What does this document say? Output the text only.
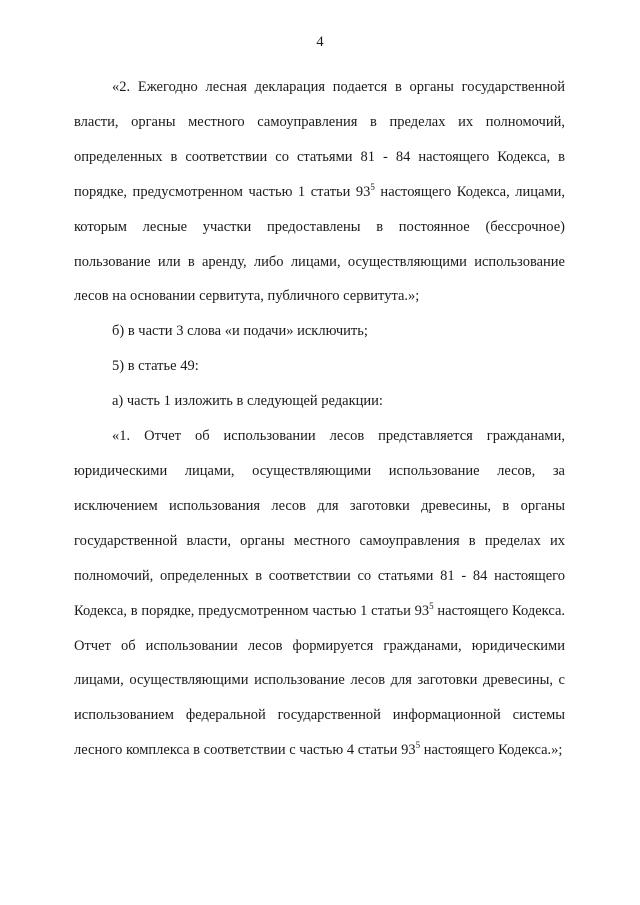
4

«2. Ежегодно лесная декларация подается в органы государственной власти, органы местного самоуправления в пределах их полномочий, определенных в соответствии со статьями 81 - 84 настоящего Кодекса, в порядке, предусмотренном частью 1 статьи $93^5$ настоящего Кодекса, лицами, которым лесные участки предоставлены в постоянное (бессрочное) пользование или в аренду, либо лицами, осуществляющими использование лесов на основании сервитута, публичного сервитута.»;

б) в части 3 слова «и подачи» исключить;

5) в статье 49:

а) часть 1 изложить в следующей редакции:

«1. Отчет об использовании лесов представляется гражданами, юридическими лицами, осуществляющими использование лесов, за исключением использования лесов для заготовки древесины, в органы государственной власти, органы местного самоуправления в пределах их полномочий, определенных в соответствии со статьями 81 - 84 настоящего Кодекса, в порядке, предусмотренном частью 1 статьи $93^5$ настоящего Кодекса. Отчет об использовании лесов формируется гражданами, юридическими лицами, осуществляющими использование лесов для заготовки древесины, с использованием федеральной государственной информационной системы лесного комплекса в соответствии с частью 4 статьи $93^5$ настоящего Кодекса.»;
